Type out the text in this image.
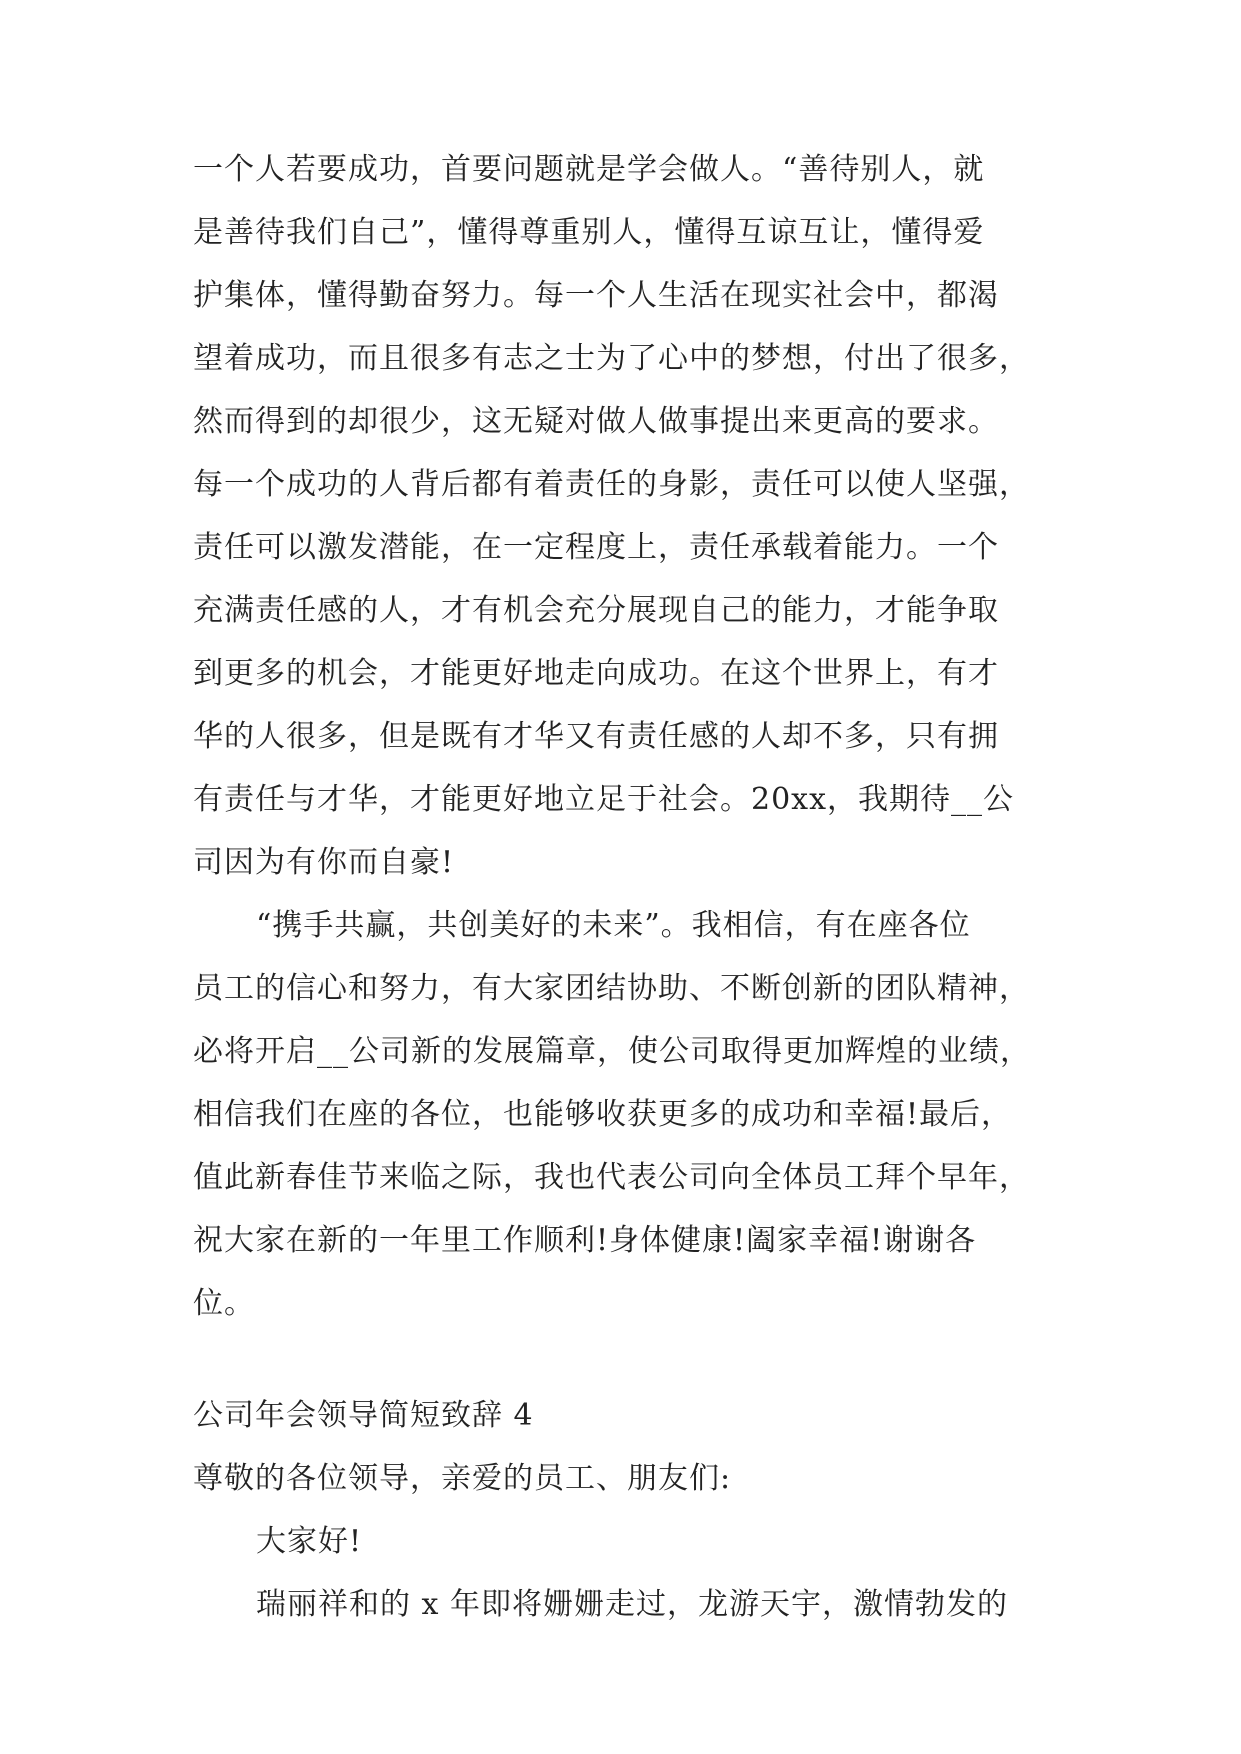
一个人若要成功，首要问题就是学会做人。“善待别人，就
是善待我们自己”，懂得尊重别人，懂得互谅互让，懂得爱
护集体，懂得勤奋努力。每一个人生活在现实社会中，都渴
望着成功，而且很多有志之士为了心中的梦想，付出了很多，
然而得到的却很少，这无疑对做人做事提出来更高的要求。
每一个成功的人背后都有着责任的身影，责任可以使人坚强，
责任可以激发潜能，在一定程度上，责任承载着能力。一个
充满责任感的人，才有机会充分展现自己的能力，才能争取
到更多的机会，才能更好地走向成功。在这个世界上，有才
华的人很多，但是既有才华又有责任感的人却不多，只有拥
有责任与才华，才能更好地立足于社会。20xx，我期待__公
司因为有你而自豪!
“携手共赢，共创美好的未来”。我相信，有在座各位
员工的信心和努力，有大家团结协助、不断创新的团队精神，
必将开启__公司新的发展篇章，使公司取得更加辉煌的业绩，
相信我们在座的各位，也能够收获更多的成功和幸福!最后，
值此新春佳节来临之际，我也代表公司向全体员工拜个早年，
祝大家在新的一年里工作顺利!身体健康!阖家幸福!谢谢各
位。
公司年会领导简短致辞 4
尊敬的各位领导，亲爱的员工、朋友们:
大家好!
瑞丽祥和的 x 年即将姗姗走过，龙游天宇，激情勃发的
